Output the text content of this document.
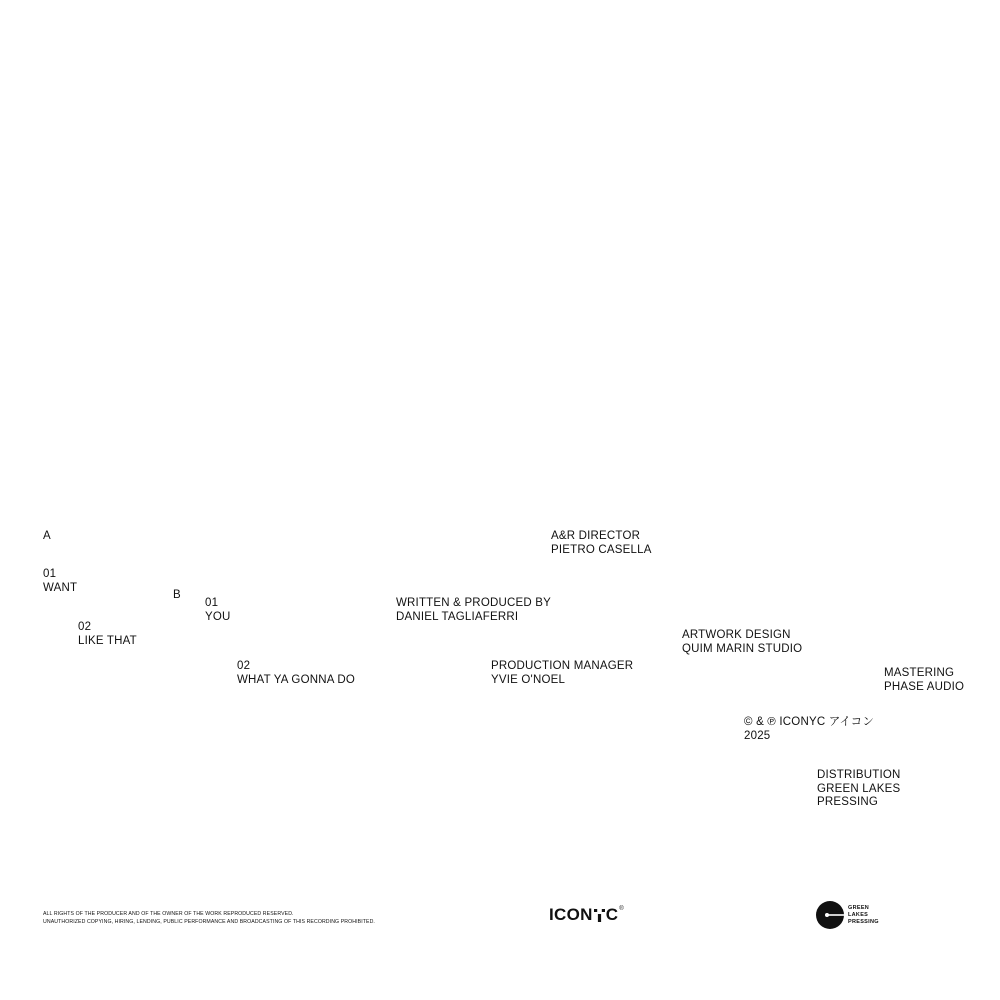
A
01
WANT
02
LIKE THAT
B
01
YOU
02
WHAT YA GONNA DO
WRITTEN & PRODUCED BY
DANIEL TAGLIAFERRI
A&R DIRECTOR
PIETRO CASELLA
PRODUCTION MANAGER
YVIE O'NOEL
ARTWORK DESIGN
QUIM MARIN STUDIO
MASTERING
PHASE AUDIO
© & ℗ ICONYC アイコン
2025
DISTRIBUTION
GREEN LAKES
PRESSING
ALL RIGHTS OF THE PRODUCER AND OF THE OWNER OF THE WORK REPRODUCED RESERVED.
UNAUTHORIZED COPYING, HIRING, LENDING, PUBLIC PERFORMANCE AND BROADCASTING OF THIS RECORDING PROHIBITED.	ICON C ®	GREEN
LAKES
PRESSING
